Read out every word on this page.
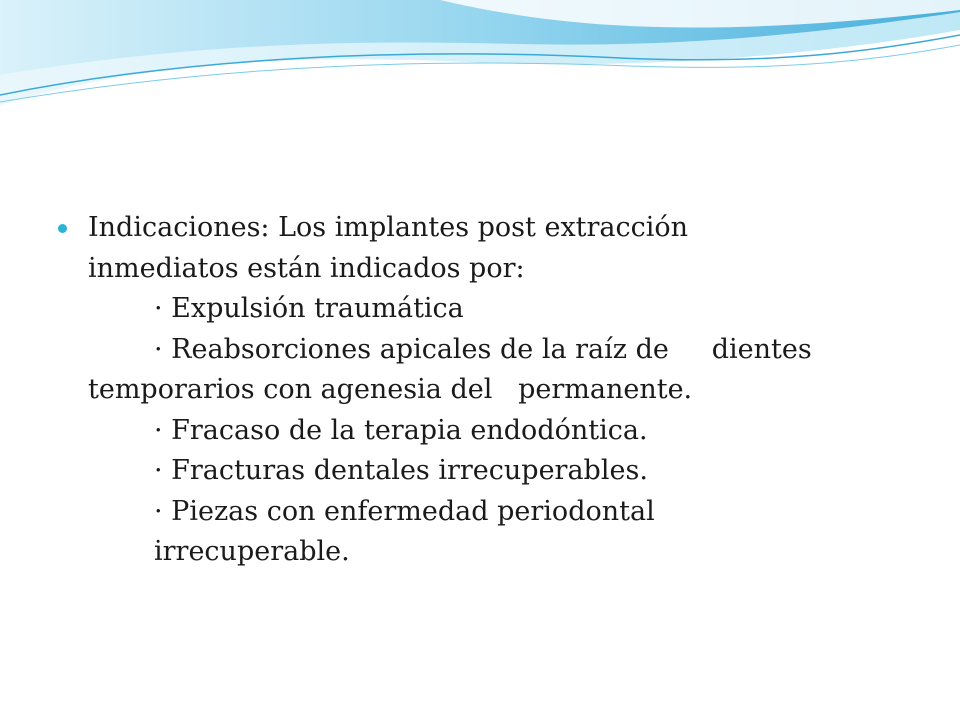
Indicaciones: Los implantes post extracción
inmediatos están indicados por:
· Expulsión traumática
· Reabsorciones apicales de la raíz de     dientes
temporarios con agenesia del   permanente.
· Fracaso de la terapia endodóntica.
· Fracturas dentales irrecuperables.
· Piezas con enfermedad periodontal
irrecuperable.
